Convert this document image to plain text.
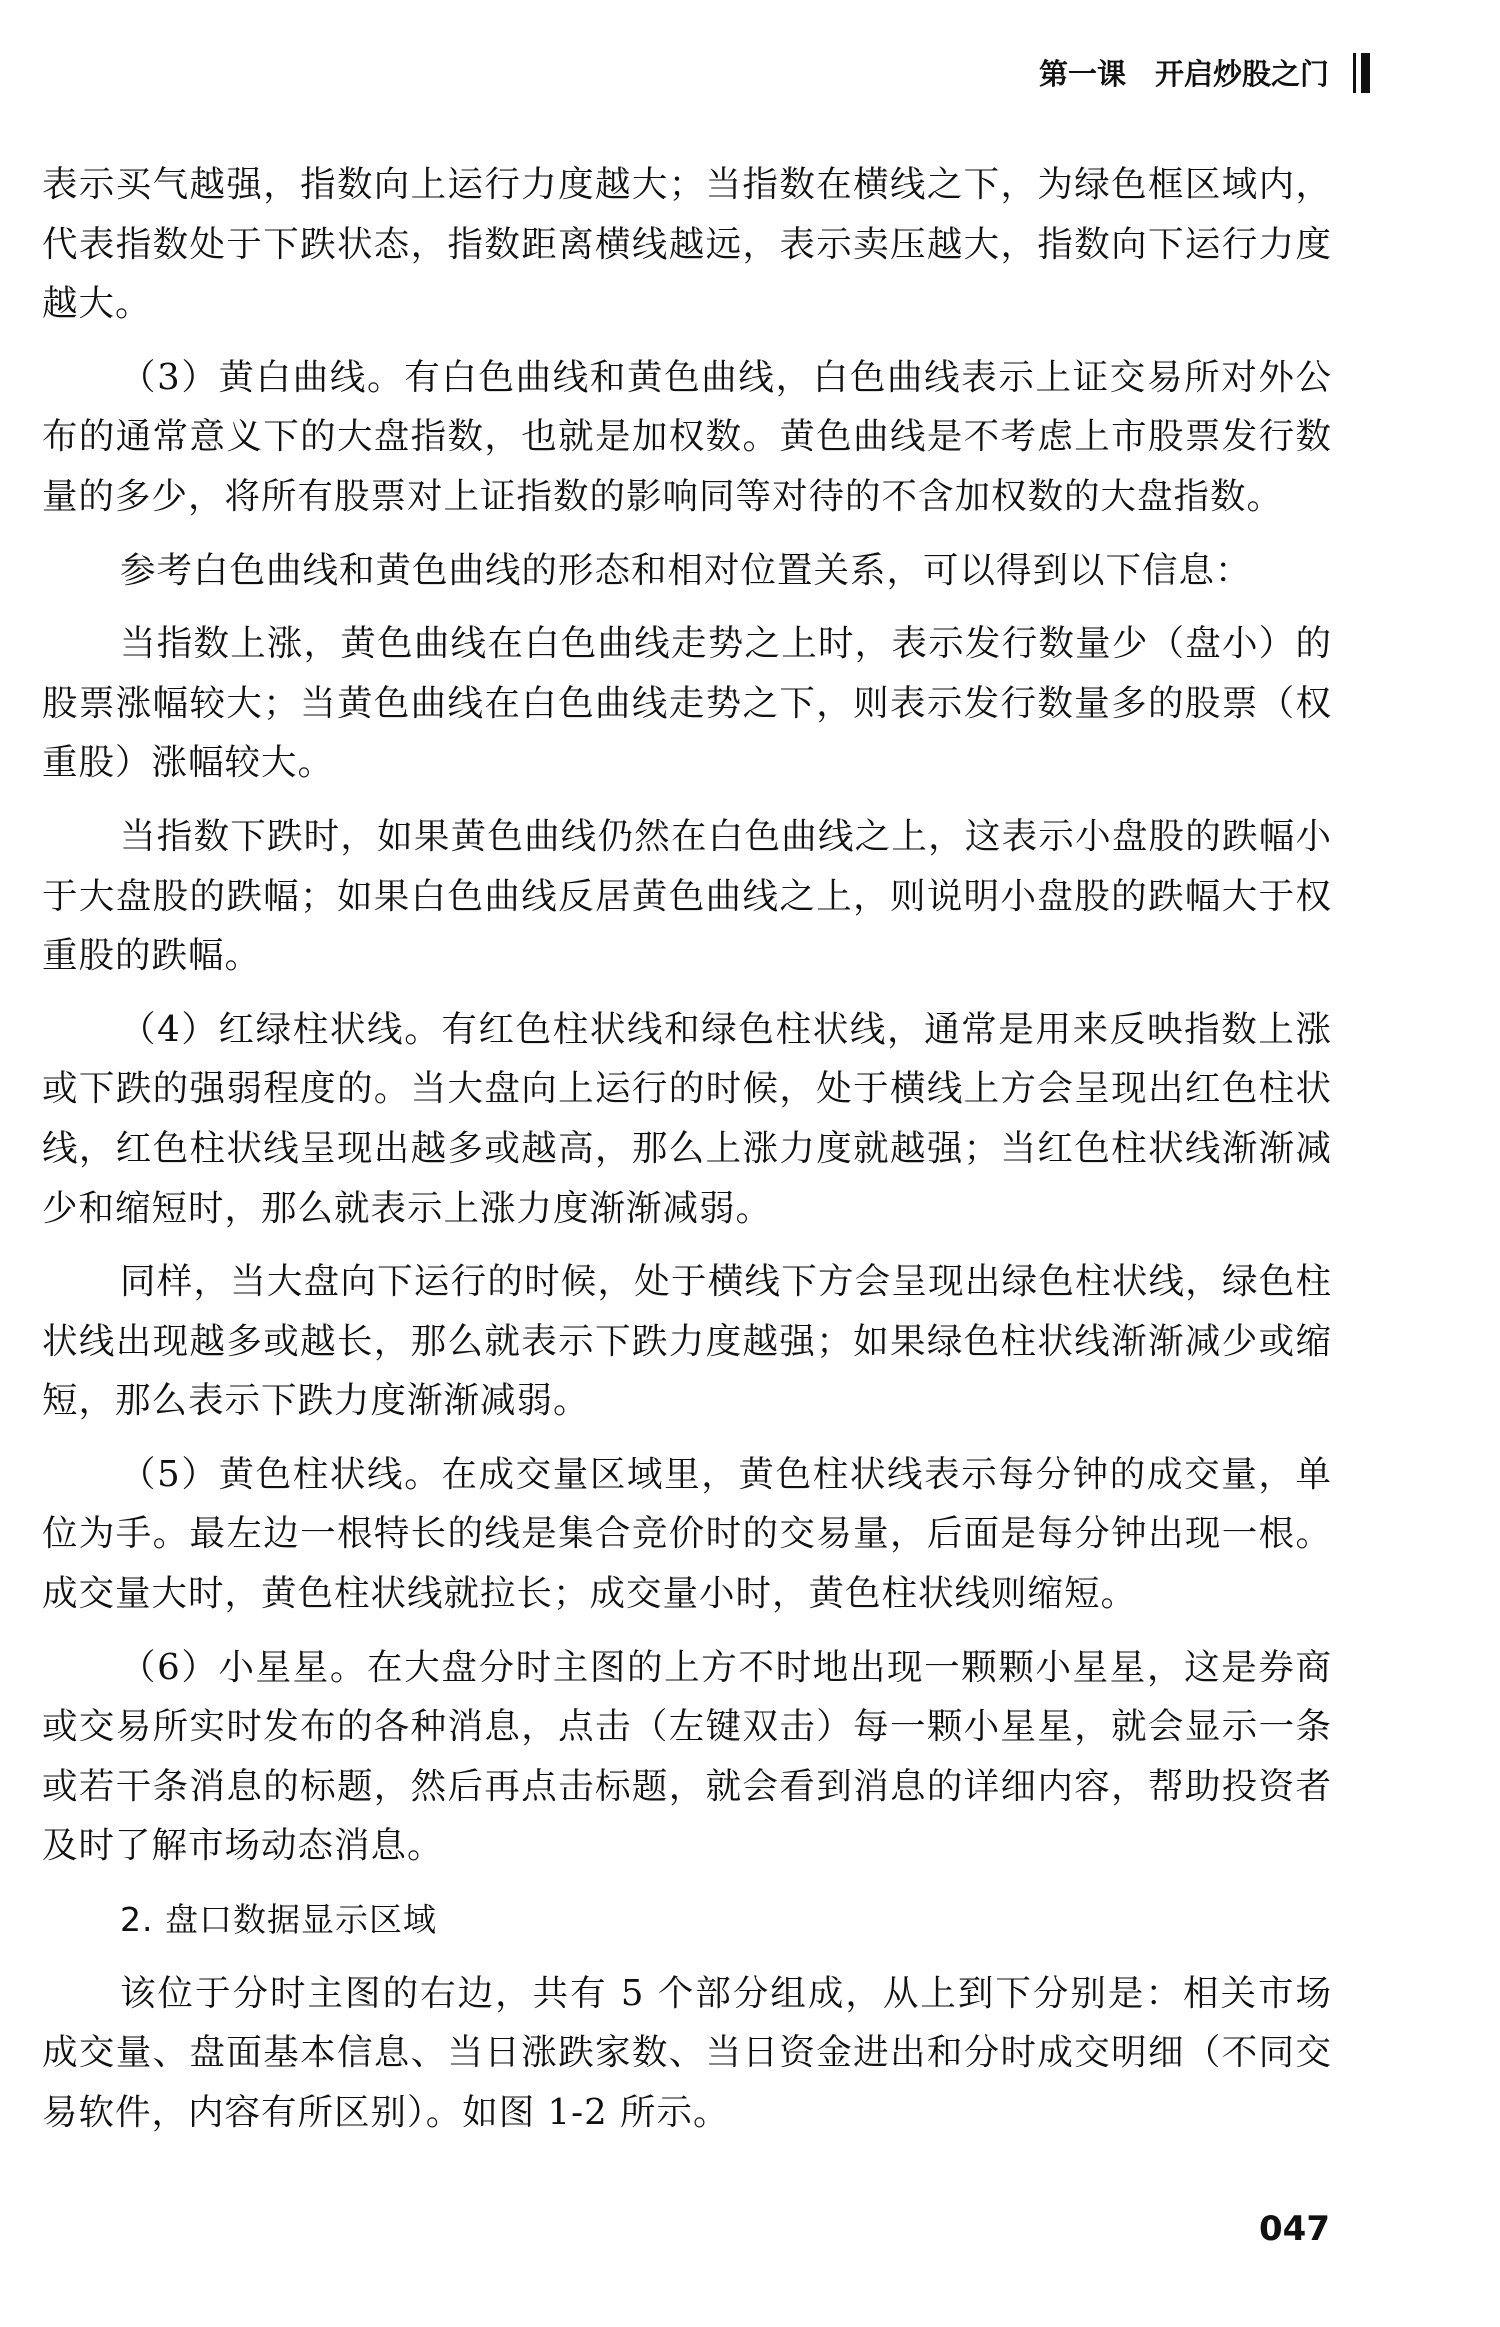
第一课　开启炒股之门

表示买气越强，指数向上运行力度越大；当指数在横线之下，为绿色框区域内，代表指数处于下跌状态，指数距离横线越远，表示卖压越大，指数向下运行力度越大。

（3）黄白曲线。有白色曲线和黄色曲线，白色曲线表示上证交易所对外公布的通常意义下的大盘指数，也就是加权数。黄色曲线是不考虑上市股票发行数量的多少，将所有股票对上证指数的影响同等对待的不含加权数的大盘指数。

参考白色曲线和黄色曲线的形态和相对位置关系，可以得到以下信息：

当指数上涨，黄色曲线在白色曲线走势之上时，表示发行数量少（盘小）的股票涨幅较大；当黄色曲线在白色曲线走势之下，则表示发行数量多的股票（权重股）涨幅较大。

当指数下跌时，如果黄色曲线仍然在白色曲线之上，这表示小盘股的跌幅小于大盘股的跌幅；如果白色曲线反居黄色曲线之上，则说明小盘股的跌幅大于权重股的跌幅。

（4）红绿柱状线。有红色柱状线和绿色柱状线，通常是用来反映指数上涨或下跌的强弱程度的。当大盘向上运行的时候，处于横线上方会呈现出红色柱状线，红色柱状线呈现出越多或越高，那么上涨力度就越强；当红色柱状线渐渐减少和缩短时，那么就表示上涨力度渐渐减弱。

同样，当大盘向下运行的时候，处于横线下方会呈现出绿色柱状线，绿色柱状线出现越多或越长，那么就表示下跌力度越强；如果绿色柱状线渐渐减少或缩短，那么表示下跌力度渐渐减弱。

（5）黄色柱状线。在成交量区域里，黄色柱状线表示每分钟的成交量，单位为手。最左边一根特长的线是集合竞价时的交易量，后面是每分钟出现一根。成交量大时，黄色柱状线就拉长；成交量小时，黄色柱状线则缩短。

（6）小星星。在大盘分时主图的上方不时地出现一颗颗小星星，这是券商或交易所实时发布的各种消息，点击（左键双击）每一颗小星星，就会显示一条或若干条消息的标题，然后再点击标题，就会看到消息的详细内容，帮助投资者及时了解市场动态消息。

2. 盘口数据显示区域

该位于分时主图的右边，共有 5 个部分组成，从上到下分别是：相关市场成交量、盘面基本信息、当日涨跌家数、当日资金进出和分时成交明细（不同交易软件，内容有所区别）。如图 1-2 所示。

047
